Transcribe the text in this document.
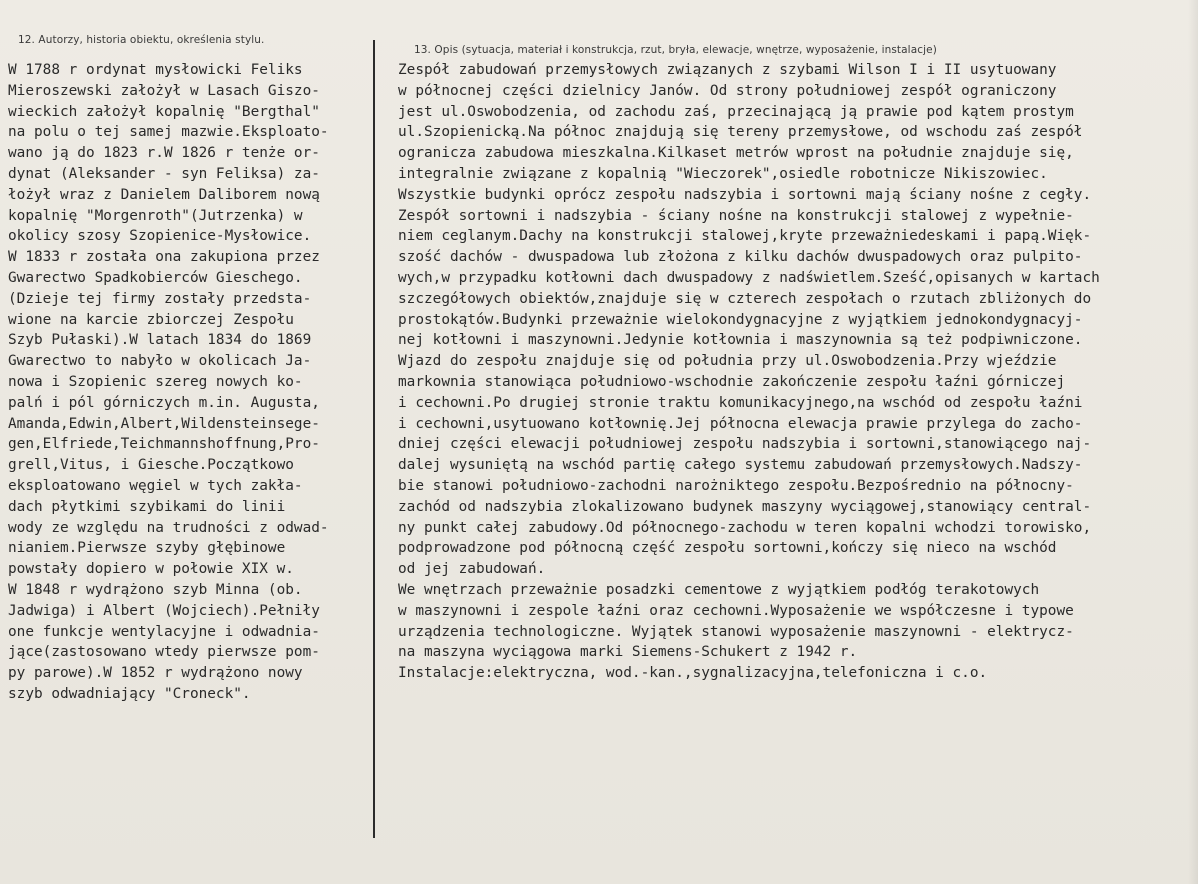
12. Autorzy, historia obiektu, określenia stylu.
13. Opis (sytuacja, materiał i konstrukcja, rzut, bryła, elewacje, wnętrze, wyposażenie, instalacje)
W 1788 r ordynat mysłowicki Feliks
Mieroszewski założył w Lasach Giszo-
wieckich założył kopalnię "Bergthal"
na polu o tej samej mazwie.Eksploato-
wano ją do 1823 r.W 1826 r tenże or-
dynat (Aleksander - syn Feliksa) za-
łożył wraz z Danielem Daliborem nową
kopalnię "Morgenroth"(Jutrzenka) w
okolicy szosy Szopienice-Mysłowice.
W 1833 r została ona zakupiona przez
Gwarectwo Spadkobierców Gieschego.
(Dzieje tej firmy zostały przedsta-
wione na karcie zbiorczej Zespołu
Szyb Pułaski).W latach 1834 do 1869
Gwarectwo to nabyło w okolicach Ja-
nowa i Szopienic szereg nowych ko-
palń i pól górniczych m.in. Augusta,
Amanda,Edwin,Albert,Wildensteinsege-
gen,Elfriede,Teichmannshoffnung,Pro-
grell,Vitus, i Giesche.Początkowo
eksploatowano węgiel w tych zakła-
dach płytkimi szybikami do linii
wody ze względu na trudności z odwad-
nianiem.Pierwsze szyby głębinowe
powstały dopiero w połowie XIX w.
W 1848 r wydrążono szyb Minna (ob.
Jadwiga) i Albert (Wojciech).Pełniły
one funkcje wentylacyjne i odwadnia-
jące(zastosowano wtedy pierwsze pom-
py parowe).W 1852 r wydrążono nowy
szyb odwadniający "Croneck".
Zespół zabudowań przemysłowych związanych z szybami Wilson I i II usytuowany
w północnej części dzielnicy Janów. Od strony południowej zespół ograniczony
jest ul.Oswobodzenia, od zachodu zaś, przecinającą ją prawie pod kątem prostym
ul.Szopienicką.Na północ znajdują się tereny przemysłowe, od wschodu zaś zespół
ogranicza zabudowa mieszkalna.Kilkaset metrów wprost na południe znajduje się,
integralnie związane z kopalnią "Wieczorek",osiedle robotnicze Nikiszowiec.
Wszystkie budynki oprócz zespołu nadszybia i sortowni mają ściany nośne z cegły.
Zespół sortowni i nadszybia - ściany nośne na konstrukcji stalowej z wypełnie-
niem ceglanym.Dachy na konstrukcji stalowej,kryte przeważniedeskami i papą.Więk-
szość dachów - dwuspadowa lub złożona z kilku dachów dwuspadowych oraz pulpito-
wych,w przypadku kotłowni dach dwuspadowy z nadświetlem.Sześć,opisanych w kartach
szczegółowych obiektów,znajduje się w czterech zespołach o rzutach zbliżonych do
prostokątów.Budynki przeważnie wielokondygnacyjne z wyjątkiem jednokondygnacyj-
nej kotłowni i maszynowni.Jedynie kotłownia i maszynownia są też podpiwniczone.
Wjazd do zespołu znajduje się od południa przy ul.Oswobodzenia.Przy wjeździe
markownia stanowiąca południowo-wschodnie zakończenie zespołu łaźni górniczej
i cechowni.Po drugiej stronie traktu komunikacyjnego,na wschód od zespołu łaźni
i cechowni,usytuowano kotłownię.Jej północna elewacja prawie przylega do zacho-
dniej części elewacji południowej zespołu nadszybia i sortowni,stanowiącego naj-
dalej wysuniętą na wschód partię całego systemu zabudowań przemysłowych.Nadszy-
bie stanowi południowo-zachodni narożniktego zespołu.Bezpośrednio na północny-
zachód od nadszybia zlokalizowano budynek maszyny wyciągowej,stanowiący central-
ny punkt całej zabudowy.Od północnego-zachodu w teren kopalni wchodzi torowisko,
podprowadzone pod północną część zespołu sortowni,kończy się nieco na wschód
od jej zabudowań.
We wnętrzach przeważnie posadzki cementowe z wyjątkiem podłóg terakotowych
w maszynowni i zespole łaźni oraz cechowni.Wyposażenie we współczesne i typowe
urządzenia technologiczne. Wyjątek stanowi wyposażenie maszynowni - elektrycz-
na maszyna wyciągowa marki Siemens-Schukert z 1942 r.
Instalacje:elektryczna, wod.-kan.,sygnalizacyjna,telefoniczna i c.o.
